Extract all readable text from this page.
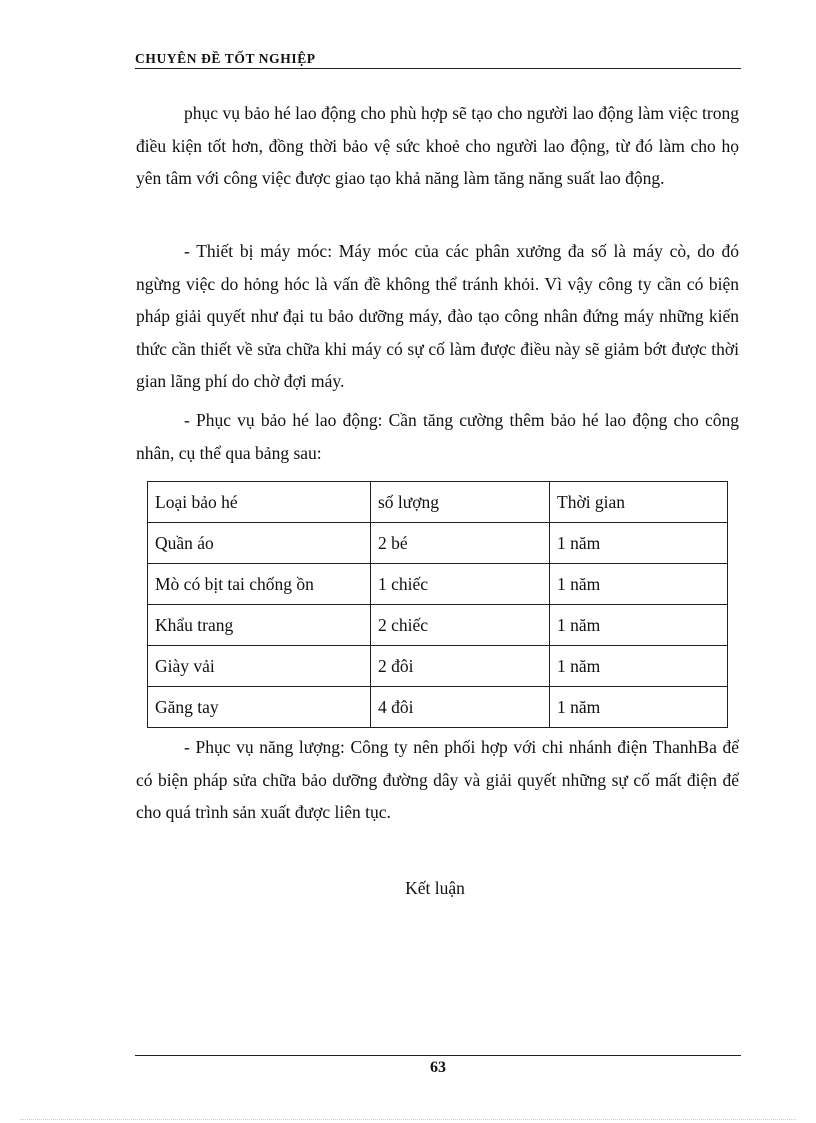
CHUYÊN ĐỀ TỐT NGHIỆP

phục vụ bảo hé lao động cho phù hợp sẽ tạo cho người lao động làm việc trong điều kiện tốt hơn, đồng thời bảo vệ sức khoẻ cho người lao động, từ đó làm cho họ yên tâm với công việc được giao tạo khả năng làm tăng năng suất lao động.

- Thiết bị máy móc: Máy móc của các phân xưởng đa số là máy cò, do đó ngừng việc do hỏng hóc là vấn đề không thể tránh khỏi. Vì vậy công ty cần có biện pháp giải quyết như đại tu bảo dưỡng máy, đào tạo công nhân đứng máy những kiến thức cần thiết về sửa chữa khi máy có sự cố làm được điều này sẽ giảm bớt được thời gian lãng phí do chờ đợi máy.

- Phục vụ bảo hé lao động: Cần tăng cường thêm bảo hé lao động cho công nhân, cụ thể qua bảng sau:

Loại bảo hé	số lượng	Thời gian
Quần áo	2 bé	1 năm
Mò có bịt tai chống ồn	1 chiếc	1 năm
Khẩu trang	2 chiếc	1 năm
Giày vải	2 đôi	1 năm
Găng tay	4 đôi	1 năm

- Phục vụ năng lượng: Công ty nên phối hợp với chi nhánh điện ThanhBa để có biện pháp sửa chữa bảo dưỡng đường dây và giải quyết những sự cố mất điện để cho quá trình sản xuất được liên tục.

Kết luận
63
